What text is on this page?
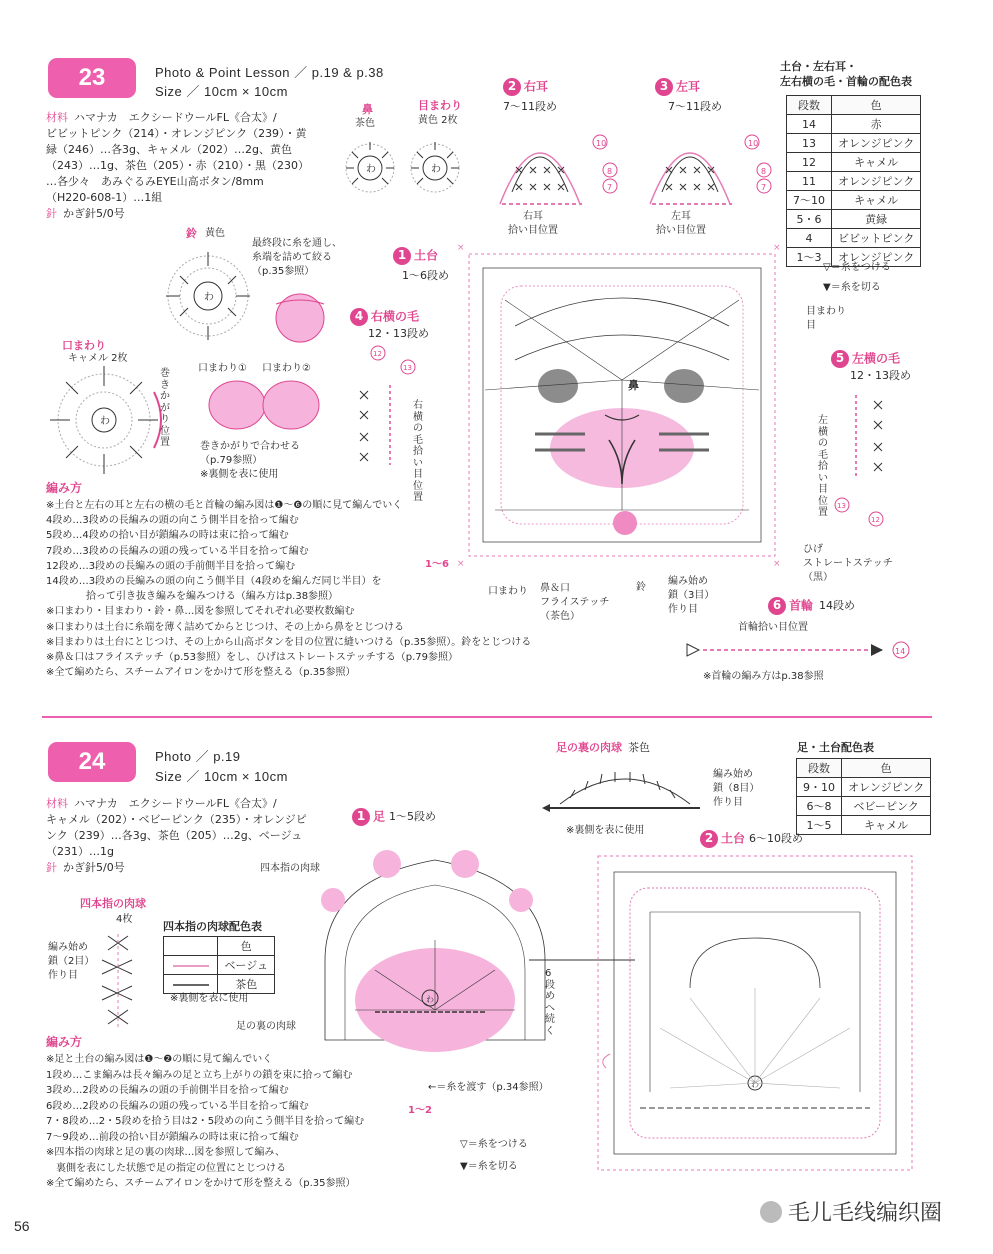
23	Photo & Point Lesson ／ p.19 & p.38
Size ／ 10cm × 10cm
材料 ハマナカ　エクシードウールFL《合太》/
ビビットピンク（214）・オレンジピンク（239）・黄
緑（246）…各3g、キャメル（202）…2g、黄色
（243）…1g、茶色（205）・赤（210）・黒（230）
…各少々　あみぐるみEYE山高ボタン/8mm
（H220-608-1）…1組
針 かぎ針5/0号
鼻
茶色
目まわり
黄色 2枚
わ	わ
鈴 黄色
最終段に糸を通し、
糸端を詰めて絞る
（p.35参照）
わ
口まわり
キャメル 2枚
わ
巻きかがり位置
口まわり① 口まわり②
巻きかがりで合わせる
（p.79参照）
※裏側を表に使用
2 右耳
7〜11段め
3 左耳
7〜11段め
10
8
7
10
8
7
右耳
拾い目位置
左耳
拾い目位置
土台・左右耳・
左右横の毛・首輪の配色表
段数	色
14	赤
13	オレンジピンク
12	キャメル
11	オレンジピンク
7〜10	キャメル
5・6	黄緑
4	ビビットピンク
1〜3	オレンジピンク
▽＝糸をつける
▼＝糸を切る
1 土台
1〜6段め
×	×
×	×
鼻
目まわり
目
4 右横の毛
12・13段め
12
13
右横の毛拾い目位置
5 左横の毛
12・13段め
左横の毛拾い目位置
13
12
ひげ
ストレートステッチ
（黒）
口まわり 鼻＆口
フライステッチ
（茶色）
鈴
編み始め
鎖（3目）
作り目	6 首輪 14段め
首輪拾い目位置
14
※首輪の編み方はp.38参照
編み方
※土台と左右の耳と左右の横の毛と首輪の編み図は❶〜❻の順に見て編んでいく
4段め…3段めの長編みの頭の向こう側半目を拾って編む
5段め…4段めの拾い目が鎖編みの時は束に拾って編む
7段め…3段めの長編みの頭の残っている半目を拾って編む
12段め…3段めの長編みの頭の手前側半目を拾って編む
14段め…3段めの長編みの頭の向こう側半目（4段めを編んだ同じ半目）を
　　　　拾って引き抜き編みを編みつける（編み方はp.38参照）
※口まわり・目まわり・鈴・鼻…図を参照してそれぞれ必要枚数編む
※口まわりは土台に糸端を薄く詰めてからとじつけ、その上から鼻をとじつける
※目まわりは土台にとじつけ、その上から山高ボタンを目の位置に縫いつける（p.35参照）。鈴をとじつける
※鼻＆口はフライステッチ（p.53参照）をし、ひげはストレートステッチする（p.79参照）
※全て編めたら、スチームアイロンをかけて形を整える（p.35参照）
1〜6
24	Photo ／ p.19
Size ／ 10cm × 10cm
材料 ハマナカ　エクシードウールFL《合太》/
キャメル（202）・ベビーピンク（235）・オレンジピ
ンク（239）…各3g、茶色（205）…2g、ベージュ
（231）…1g
針 かぎ針5/0号
足の裏の肉球 茶色
編み始め
鎖（8目）
作り目
※裏側を表に使用
足・土台配色表
段数	色
9・10	オレンジピンク
6〜8	ベビーピンク
1〜5	キャメル
1 足 1〜5段め
2 土台 6〜10段め
四本指の肉球
4枚
編み始め
鎖（2目）
作り目
四本指の肉球配色表
	色
	ベージュ
	茶色
※裏側を表に使用
四本指の肉球
足の裏の肉球
わ
6段めへ続く
わ
←＝糸を渡す（p.34参照）
▽＝糸をつける
▼＝糸を切る
編み方
※足と土台の編み図は❶〜❷の順に見て編んでいく
1段め…こま編みは長々編みの足と立ち上がりの鎖を束に拾って編む
3段め…2段めの長編みの頭の手前側半目を拾って編む
6段め…2段めの長編みの頭の残っている半目を拾って編む
7・8段め…2・5段めを拾う目は2・5段めの向こう側半目を拾って編む
7〜9段め…前段の拾い目が鎖編みの時は束に拾って編む
※四本指の肉球と足の裏の肉球…図を参照して編み、
　裏側を表にした状態で足の指定の位置にとじつける
※全て編めたら、スチームアイロンをかけて形を整える（p.35参照）
1〜2
56	毛儿毛线编织圈
